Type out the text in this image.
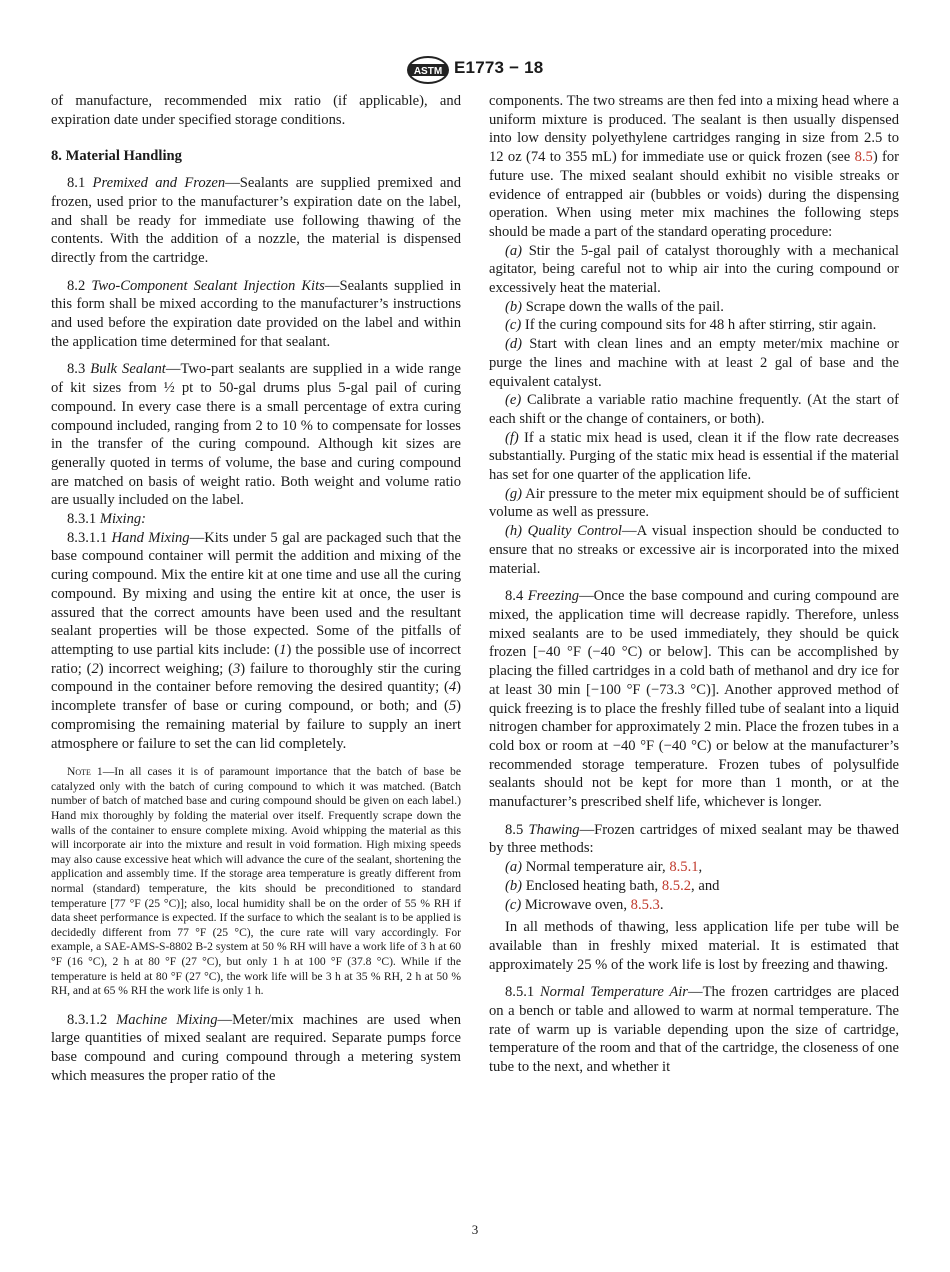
ASTM E1773 − 18

of manufacture, recommended mix ratio (if applicable), and expiration date under specified storage conditions.

8. Material Handling

8.1 Premixed and Frozen—Sealants are supplied premixed and frozen, used prior to the manufacturer’s expiration date on the label, and shall be ready for immediate use following thawing of the contents. With the addition of a nozzle, the material is dispensed directly from the cartridge.

8.2 Two-Component Sealant Injection Kits—Sealants supplied in this form shall be mixed according to the manufacturer’s instructions and used before the expiration date provided on the label and within the application time determined for that sealant.

8.3 Bulk Sealant—Two-part sealants are supplied in a wide range of kit sizes from ½ pt to 50-gal drums plus 5-gal pail of curing compound. In every case there is a small percentage of extra curing compound included, ranging from 2 to 10 % to compensate for losses in the transfer of the curing compound. Although kit sizes are generally quoted in terms of volume, the base and curing compound are matched on basis of weight ratio. Both weight and volume ratio are usually included on the label.

8.3.1 Mixing:

8.3.1.1 Hand Mixing—Kits under 5 gal are packaged such that the base compound container will permit the addition and mixing of the curing compound. Mix the entire kit at one time and use all the curing compound. By mixing and using the entire kit at once, the user is assured that the correct amounts have been used and the resultant sealant properties will be those expected. Some of the pitfalls of attempting to use partial kits include: (1) the possible use of incorrect ratio; (2) incorrect weighing; (3) failure to thoroughly stir the curing compound in the container before removing the desired quantity; (4) incomplete transfer of base or curing compound, or both; and (5) compromising the remaining material by failure to supply an inert atmosphere or failure to set the can lid completely.

Note 1—In all cases it is of paramount importance that the batch of base be catalyzed only with the batch of curing compound to which it was matched. (Batch number of batch of matched base and curing compound should be given on each label.) Hand mix thoroughly by folding the material over itself. Frequently scrape down the walls of the container to ensure complete mixing. Avoid whipping the material as this will incorporate air into the mixture and result in void formation. High mixing speeds may also cause excessive heat which will advance the cure of the sealant, shortening the application and assembly time. If the storage area temperature is greatly different from normal (standard) temperature, the kits should be preconditioned to standard temperature [77 °F (25 °C)]; also, local humidity shall be on the order of 55 % RH if data sheet performance is expected. If the surface to which the sealant is to be applied is decidedly different from 77 °F (25 °C), the cure rate will vary accordingly. For example, a SAE-AMS-S-8802 B-2 system at 50 % RH will have a work life of 3 h at 60 °F (16 °C), 2 h at 80 °F (27 °C), but only 1 h at 100 °F (37.8 °C). While if the temperature is held at 80 °F (27 °C), the work life will be 3 h at 35 % RH, 2 h at 50 % RH, and at 65 % RH the work life is only 1 h.

8.3.1.2 Machine Mixing—Meter/mix machines are used when large quantities of mixed sealant are required. Separate pumps force base compound and curing compound through a metering system which measures the proper ratio of the

components. The two streams are then fed into a mixing head where a uniform mixture is produced. The sealant is then usually dispensed into low density polyethylene cartridges ranging in size from 2.5 to 12 oz (74 to 355 mL) for immediate use or quick frozen (see 8.5) for future use. The mixed sealant should exhibit no visible streaks or evidence of entrapped air (bubbles or voids) during the dispensing operation. When using meter mix machines the following steps should be made a part of the standard operating procedure:

(a) Stir the 5-gal pail of catalyst thoroughly with a mechanical agitator, being careful not to whip air into the curing compound or excessively heat the material.

(b) Scrape down the walls of the pail.

(c) If the curing compound sits for 48 h after stirring, stir again.

(d) Start with clean lines and an empty meter/mix machine or purge the lines and machine with at least 2 gal of base and the equivalent catalyst.

(e) Calibrate a variable ratio machine frequently. (At the start of each shift or the change of containers, or both).

(f) If a static mix head is used, clean it if the flow rate decreases substantially. Purging of the static mix head is essential if the material has set for one quarter of the application life.

(g) Air pressure to the meter mix equipment should be of sufficient volume as well as pressure.

(h) Quality Control—A visual inspection should be conducted to ensure that no streaks or excessive air is incorporated into the mixed material.

8.4 Freezing—Once the base compound and curing compound are mixed, the application time will decrease rapidly. Therefore, unless mixed sealants are to be used immediately, they should be quick frozen [−40 °F (−40 °C) or below]. This can be accomplished by placing the filled cartridges in a cold bath of methanol and dry ice for at least 30 min [−100 °F (−73.3 °C)]. Another approved method of quick freezing is to place the freshly filled tube of sealant into a liquid nitrogen chamber for approximately 2 min. Place the frozen tubes in a cold box or room at −40 °F (−40 °C) or below at the manufacturer’s recommended storage temperature. Frozen tubes of polysulfide sealants should not be kept for more than 1 month, or at the manufacturer’s prescribed shelf life, whichever is longer.

8.5 Thawing—Frozen cartridges of mixed sealant may be thawed by three methods:

(a) Normal temperature air, 8.5.1,

(b) Enclosed heating bath, 8.5.2, and

(c) Microwave oven, 8.5.3.

In all methods of thawing, less application life per tube will be available than in freshly mixed material. It is estimated that approximately 25 % of the work life is lost by freezing and thawing.

8.5.1 Normal Temperature Air—The frozen cartridges are placed on a bench or table and allowed to warm at normal temperature. The rate of warm up is variable depending upon the size of cartridge, temperature of the room and that of the cartridge, the closeness of one tube to the next, and whether it

3
